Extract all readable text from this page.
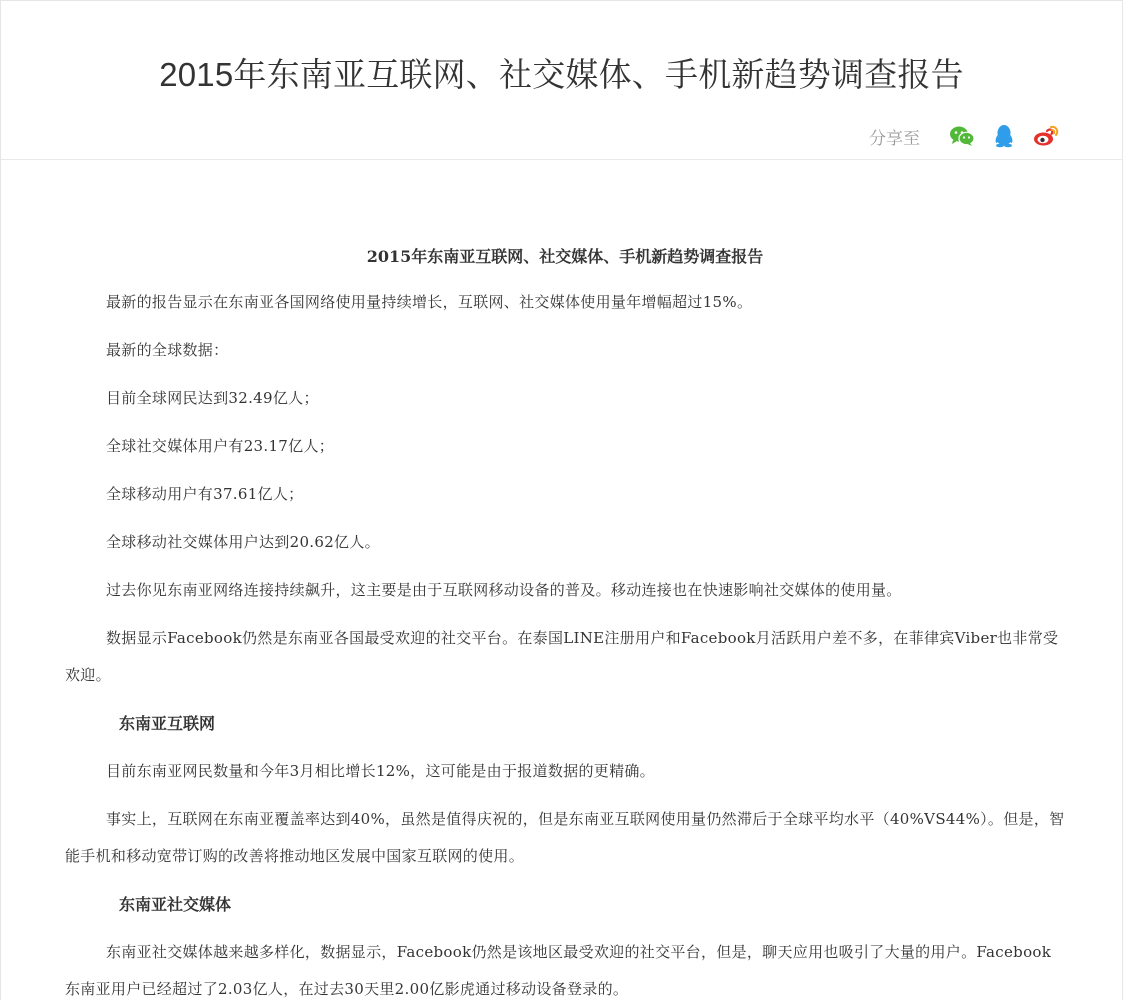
2015年东南亚互联网、社交媒体、手机新趋势调查报告
分享至
2015年东南亚互联网、社交媒体、手机新趋势调查报告

最新的报告显示在东南亚各国网络使用量持续增长，互联网、社交媒体使用量年增幅超过15%。

最新的全球数据：

目前全球网民达到32.49亿人；

全球社交媒体用户有23.17亿人；

全球移动用户有37.61亿人；

全球移动社交媒体用户达到20.62亿人。

过去你见东南亚网络连接持续飙升，这主要是由于互联网移动设备的普及。移动连接也在快速影响社交媒体的使用量。

数据显示Facebook仍然是东南亚各国最受欢迎的社交平台。在泰国LINE注册用户和Facebook月活跃用户差不多，在菲律宾Viber也非常受欢迎。

东南亚互联网

目前东南亚网民数量和今年3月相比增长12%，这可能是由于报道数据的更精确。

事实上，互联网在东南亚覆盖率达到40%，虽然是值得庆祝的，但是东南亚互联网使用量仍然滞后于全球平均水平（40%VS44%）。但是，智能手机和移动宽带订购的改善将推动地区发展中国家互联网的使用。

东南亚社交媒体

东南亚社交媒体越来越多样化，数据显示，Facebook仍然是该地区最受欢迎的社交平台，但是，聊天应用也吸引了大量的用户。Facebook东南亚用户已经超过了2.03亿人，在过去30天里2.00亿影虎通过移动设备登录的。
